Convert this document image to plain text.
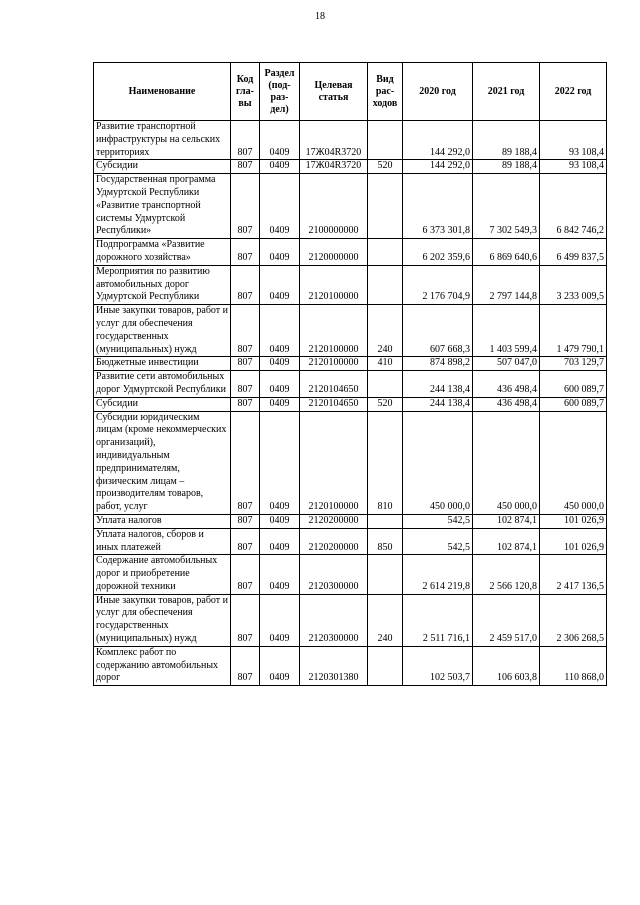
18
Наименование	Код гла- вы	Раздел (под- раз- дел)	Целевая статья	Вид рас- ходов	2020 год	2021 год	2022 год
Развитие транспортной инфраструктуры на сельских территориях	807	0409	17Ж04R3720		144 292,0	89 188,4	93 108,4
Субсидии	807	0409	17Ж04R3720	520	144 292,0	89 188,4	93 108,4
Государственная программа Удмуртской Республики «Развитие транспортной системы Удмуртской Республики»	807	0409	2100000000		6 373 301,8	7 302 549,3	6 842 746,2
Подпрограмма «Развитие дорожного хозяйства»	807	0409	2120000000		6 202 359,6	6 869 640,6	6 499 837,5
Мероприятия по развитию автомобильных дорог Удмуртской Республики	807	0409	2120100000		2 176 704,9	2 797 144,8	3 233 009,5
Иные закупки товаров, работ и услуг для обеспечения государственных (муниципальных) нужд	807	0409	2120100000	240	607 668,3	1 403 599,4	1 479 790,1
Бюджетные инвестиции	807	0409	2120100000	410	874 898,2	507 047,0	703 129,7
Развитие сети автомобильных дорог Удмуртской Республики	807	0409	2120104650		244 138,4	436 498,4	600 089,7
Субсидии	807	0409	2120104650	520	244 138,4	436 498,4	600 089,7
Субсидии юридическим лицам (кроме некоммерческих организаций), индивидуальным предпринимателям, физическим лицам – производителям товаров, работ, услуг	807	0409	2120100000	810	450 000,0	450 000,0	450 000,0
Уплата налогов	807	0409	2120200000		542,5	102 874,1	101 026,9
Уплата налогов, сборов и иных платежей	807	0409	2120200000	850	542,5	102 874,1	101 026,9
Содержание автомобильных дорог и приобретение дорожной техники	807	0409	2120300000		2 614 219,8	2 566 120,8	2 417 136,5
Иные закупки товаров, работ и услуг для обеспечения государственных (муниципальных) нужд	807	0409	2120300000	240	2 511 716,1	2 459 517,0	2 306 268,5
Комплекс работ по содержанию автомобильных дорог	807	0409	2120301380		102 503,7	106 603,8	110 868,0
